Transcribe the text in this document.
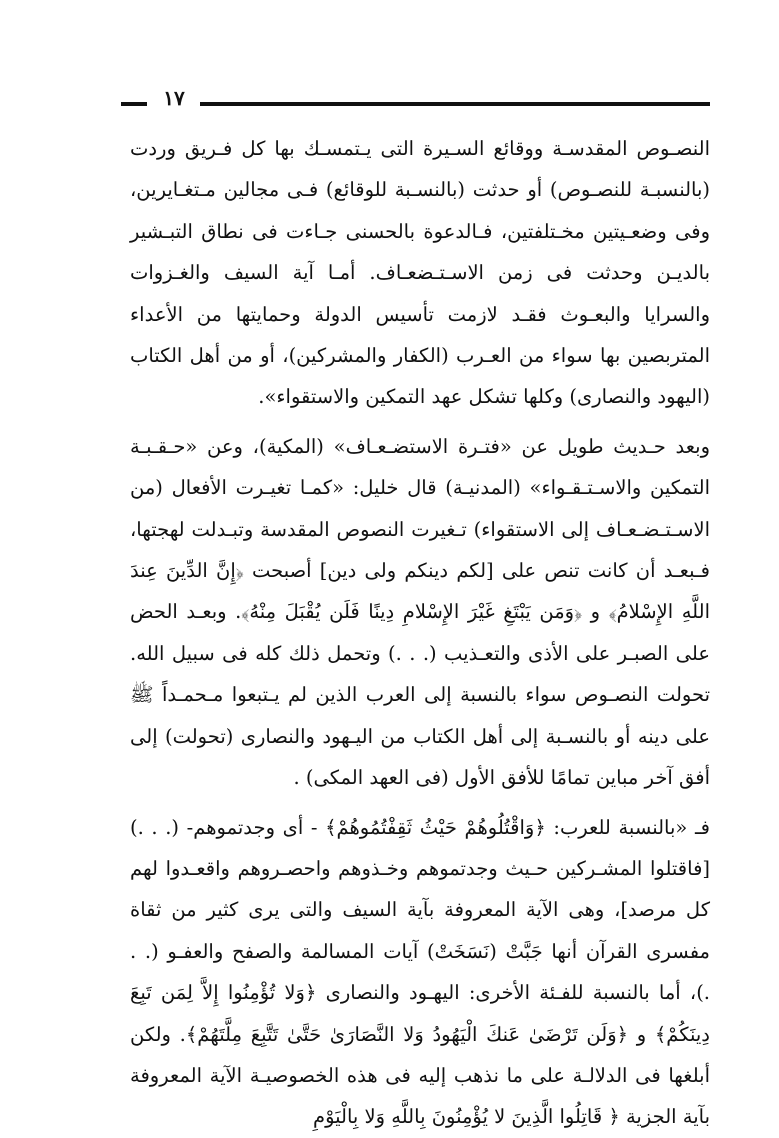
١٧

النصـوص المقدسـة ووقائع السـيرة التى يـتمسـك بها كل فـريق وردت (بالنسبـة للنصـوص) أو حدثت (بالنسـبة للوقائع) فـى مجالين مـتغـايرين، وفى وضعـيتين مخـتلفتين، فـالدعوة بالحسنى جـاءت فى نطاق التبـشير بالديـن وحدثت فى زمن الاسـتـضعـاف. أمـا آية السيف والغـزوات والسرايا والبعـوث فقـد لازمت تأسيس الدولة وحمايتها من الأعداء المتربصين بها سواء من العـرب (الكفار والمشركين)، أو من أهل الكتاب (اليهود والنصارى) وكلها تشكل عهد التمكين والاستقواء».

وبعد حـديث طويل عن «فتـرة الاستضـعـاف» (المكية)، وعن «حـقـبـة التمكين والاسـتـقـواء» (المدنيـة) قال خليل: «كمـا تغيـرت الأفعال (من الاسـتـضـعـاف إلى الاستقواء) تـغيرت النصوص المقدسة وتبـدلت لهجتها، فـبعـد أن كانت تنص على [لكم دينكم ولى دين] أصبحت ﴿إِنَّ الدِّينَ عِندَ اللَّهِ الإِسْلامُ﴾ و ﴿وَمَن يَبْتَغِ غَيْرَ الإِسْلامِ دِينًا فَلَن يُقْبَلَ مِنْهُ﴾. وبعـد الحض على الصبـر على الأذى والتعـذيب (. . .) وتحمل ذلك كله فى سبيل الله. تحولت النصـوص سواء بالنسبة إلى العرب الذين لم يـتبعوا مـحمـداً ﷺ على دينه أو بالنسـبة إلى أهل الكتاب من اليـهود والنصارى (تحولت) إلى أفق آخر مباين تمامًا للأفق الأول (فى العهد المكى) .

فـ «بالنسبة للعرب: ﴿وَاقْتُلُوهُمْ حَيْثُ ثَقِفْتُمُوهُمْ﴾ - أى وجدتموهم- (. . .) [فاقتلوا المشـركين حـيث وجدتموهم وخـذوهم واحصـروهم واقعـدوا لهم كل مرصد]، وهى الآية المعروفة بآية السيف والتى يرى كثير من ثقاة مفسرى القرآن أنها جَبَّتْ (نَسَخَتْ) آيات المسالمة والصفح والعفـو (. . .)، أما بالنسبة للفـئة الأخرى: اليهـود والنصارى ﴿وَلا تُؤْمِنُوا إِلاَّ لِمَن تَبِعَ دِينَكُمْ﴾ و ﴿وَلَن تَرْضَىٰ عَنكَ الْيَهُودُ وَلا النَّصَارَىٰ حَتَّىٰ تَتَّبِعَ مِلَّتَهُمْ﴾. ولكن أبلغها فى الدلالـة على ما نذهب إليه فى هذه الخصوصيـة الآية المعروفة بآية الجزية ﴿ قَاتِلُوا الَّذِينَ لا يُؤْمِنُونَ بِاللَّهِ وَلا بِالْيَوْمِ
